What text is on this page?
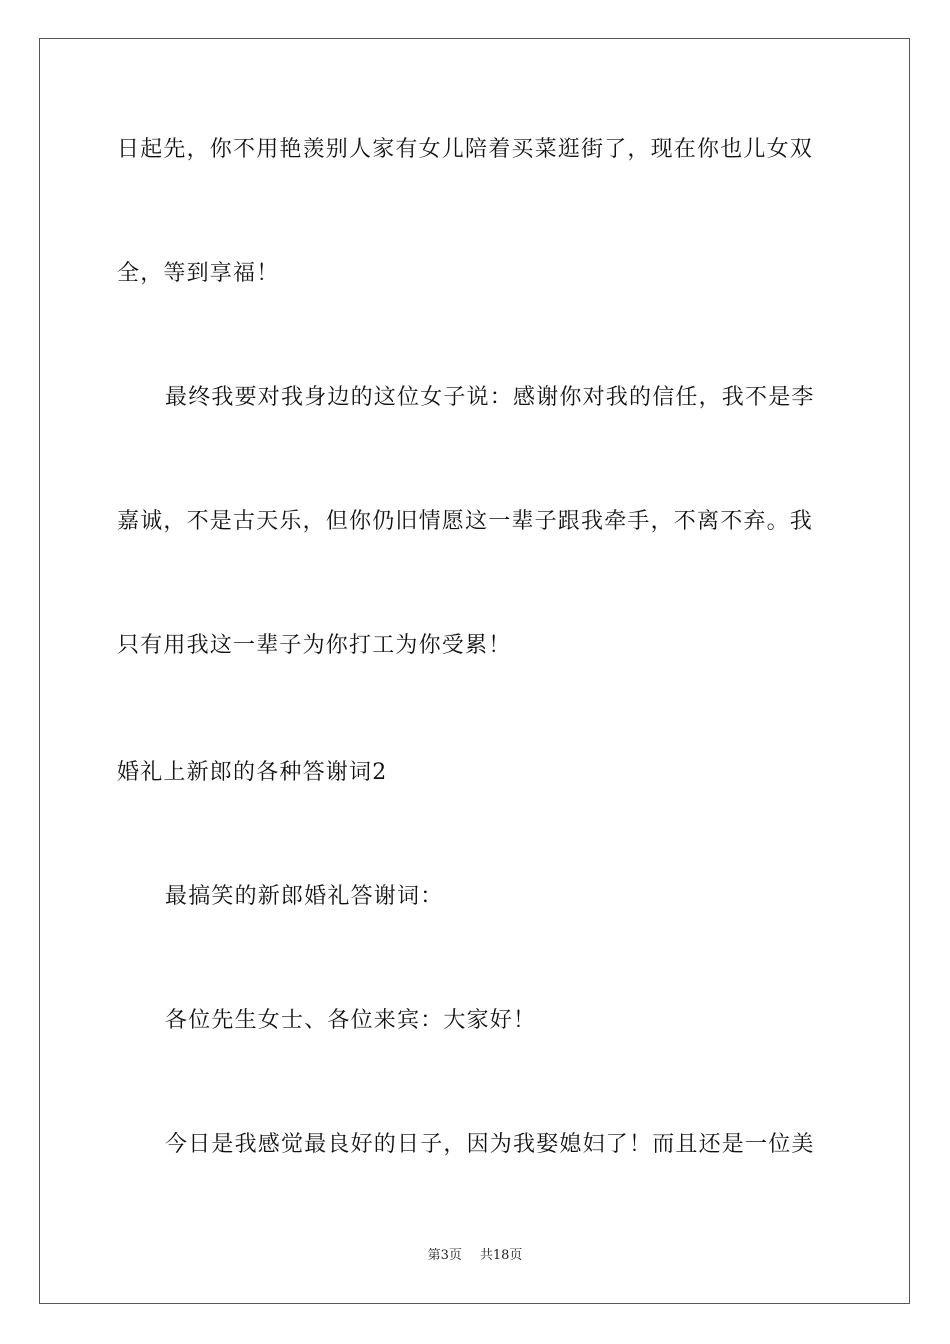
日起先，你不用艳羡别人家有女儿陪着买菜逛街了，现在你也儿女双
全，等到享福！
最终我要对我身边的这位女子说：感谢你对我的信任，我不是李
嘉诚，不是古天乐，但你仍旧情愿这一辈子跟我牵手，不离不弃。我
只有用我这一辈子为你打工为你受累！
婚礼上新郎的各种答谢词2
最搞笑的新郎婚礼答谢词：
各位先生女士、各位来宾：大家好！
今日是我感觉最良好的日子，因为我娶媳妇了！而且还是一位美
第3页 共18页
